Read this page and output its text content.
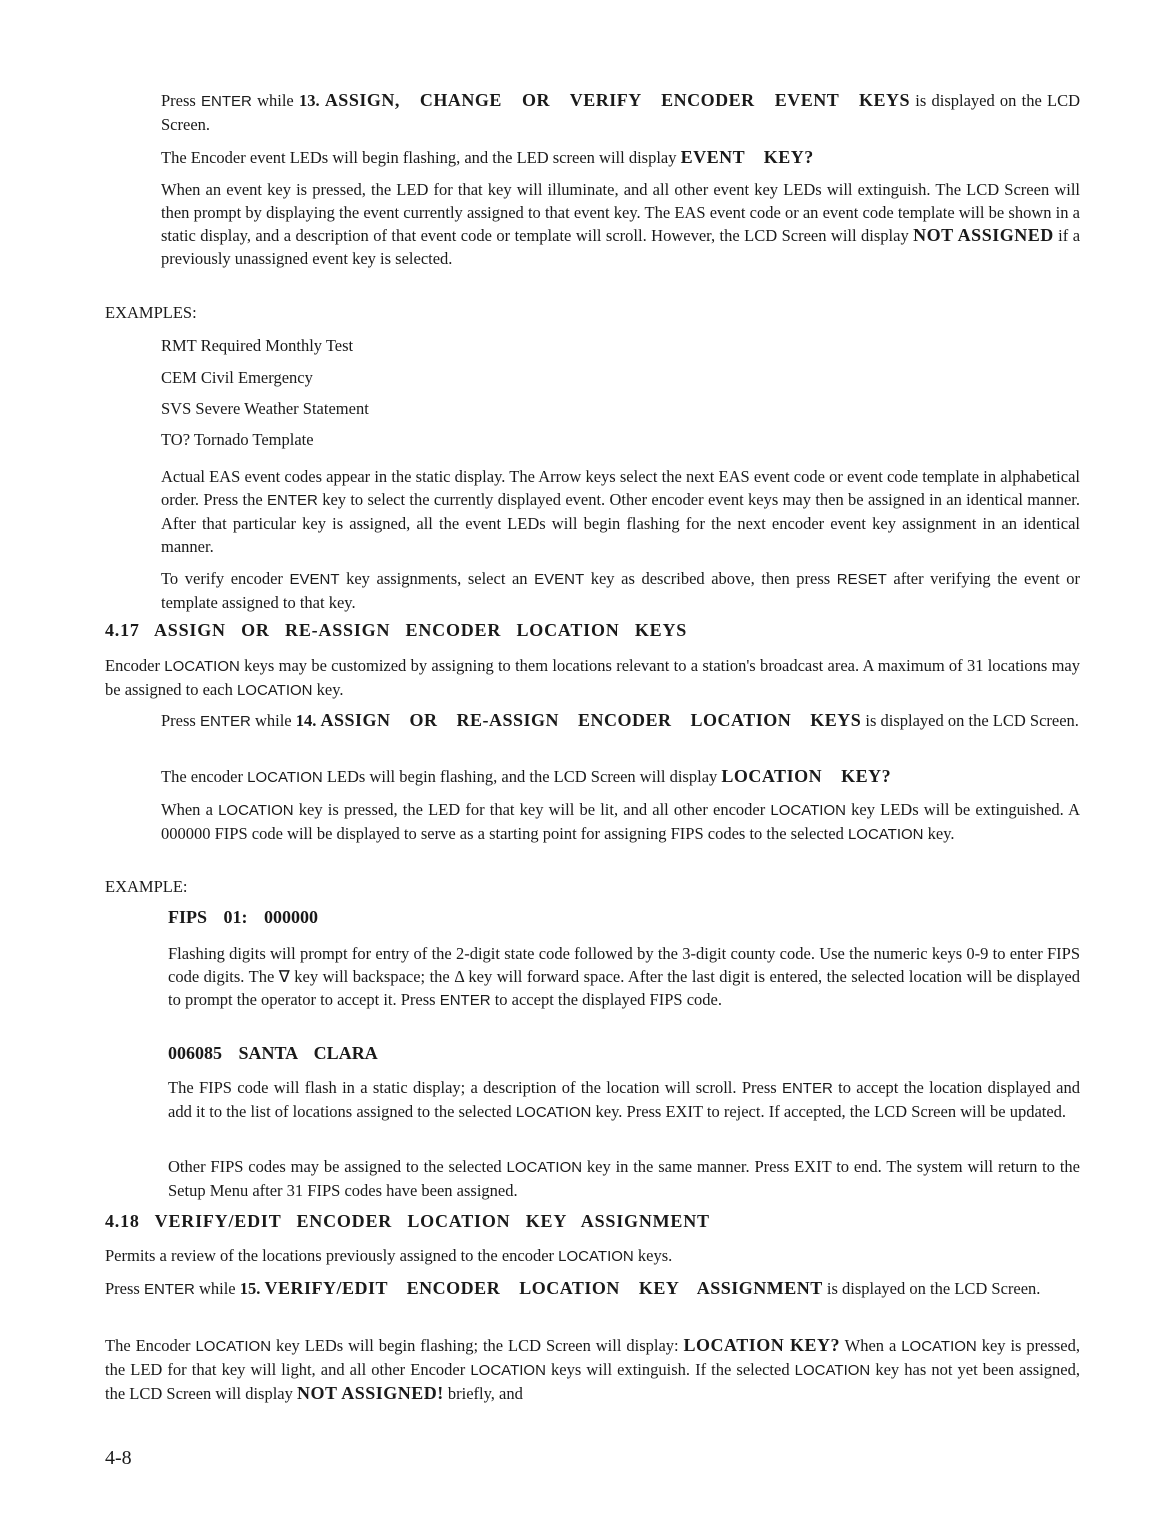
Press ENTER while 13. ASSIGN, CHANGE OR VERIFY ENCODER EVENT KEYS is displayed on the LCD Screen.
The Encoder event LEDs will begin flashing, and the LED screen will display EVENT KEY?
When an event key is pressed, the LED for that key will illuminate, and all other event key LEDs will extinguish. The LCD Screen will then prompt by displaying the event currently assigned to that event key. The EAS event code or an event code template will be shown in a static display, and a description of that event code or template will scroll. However, the LCD Screen will display NOT ASSIGNED if a previously unassigned event key is selected.
EXAMPLES:
RMT Required Monthly Test
CEM Civil Emergency
SVS Severe Weather Statement
TO? Tornado Template
Actual EAS event codes appear in the static display. The Arrow keys select the next EAS event code or event code template in alphabetical order. Press the ENTER key to select the currently displayed event. Other encoder event keys may then be assigned in an identical manner. After that particular key is assigned, all the event LEDs will begin flashing for the next encoder event key assignment in an identical manner.
To verify encoder EVENT key assignments, select an EVENT key as described above, then press RESET after verifying the event or template assigned to that key.
4.17 ASSIGN OR RE-ASSIGN ENCODER LOCATION KEYS
Encoder LOCATION keys may be customized by assigning to them locations relevant to a station's broadcast area. A maximum of 31 locations may be assigned to each LOCATION key.
Press ENTER while 14. ASSIGN OR RE-ASSIGN ENCODER LOCATION KEYS is displayed on the LCD Screen.
The encoder LOCATION LEDs will begin flashing, and the LCD Screen will display LOCATION KEY?
When a LOCATION key is pressed, the LED for that key will be lit, and all other encoder LOCATION key LEDs will be extinguished. A 000000 FIPS code will be displayed to serve as a starting point for assigning FIPS codes to the selected LOCATION key.
EXAMPLE:
FIPS 01: 000000
Flashing digits will prompt for entry of the 2-digit state code followed by the 3-digit county code. Use the numeric keys 0-9 to enter FIPS code digits. The ∇ key will backspace; the Δ key will forward space. After the last digit is entered, the selected location will be displayed to prompt the operator to accept it. Press ENTER to accept the displayed FIPS code.
006085 SANTA CLARA
The FIPS code will flash in a static display; a description of the location will scroll. Press ENTER to accept the location displayed and add it to the list of locations assigned to the selected LOCATION key. Press EXIT to reject. If accepted, the LCD Screen will be updated.
Other FIPS codes may be assigned to the selected LOCATION key in the same manner. Press EXIT to end. The system will return to the Setup Menu after 31 FIPS codes have been assigned.
4.18 VERIFY/EDIT ENCODER LOCATION KEY ASSIGNMENT
Permits a review of the locations previously assigned to the encoder LOCATION keys.
Press ENTER while 15. VERIFY/EDIT ENCODER LOCATION KEY ASSIGNMENT is displayed on the LCD Screen.
The Encoder LOCATION key LEDs will begin flashing; the LCD Screen will display: LOCATION KEY? When a LOCATION key is pressed, the LED for that key will light, and all other Encoder LOCATION keys will extinguish. If the selected LOCATION key has not yet been assigned, the LCD Screen will display NOT ASSIGNED! briefly, and
4-8
